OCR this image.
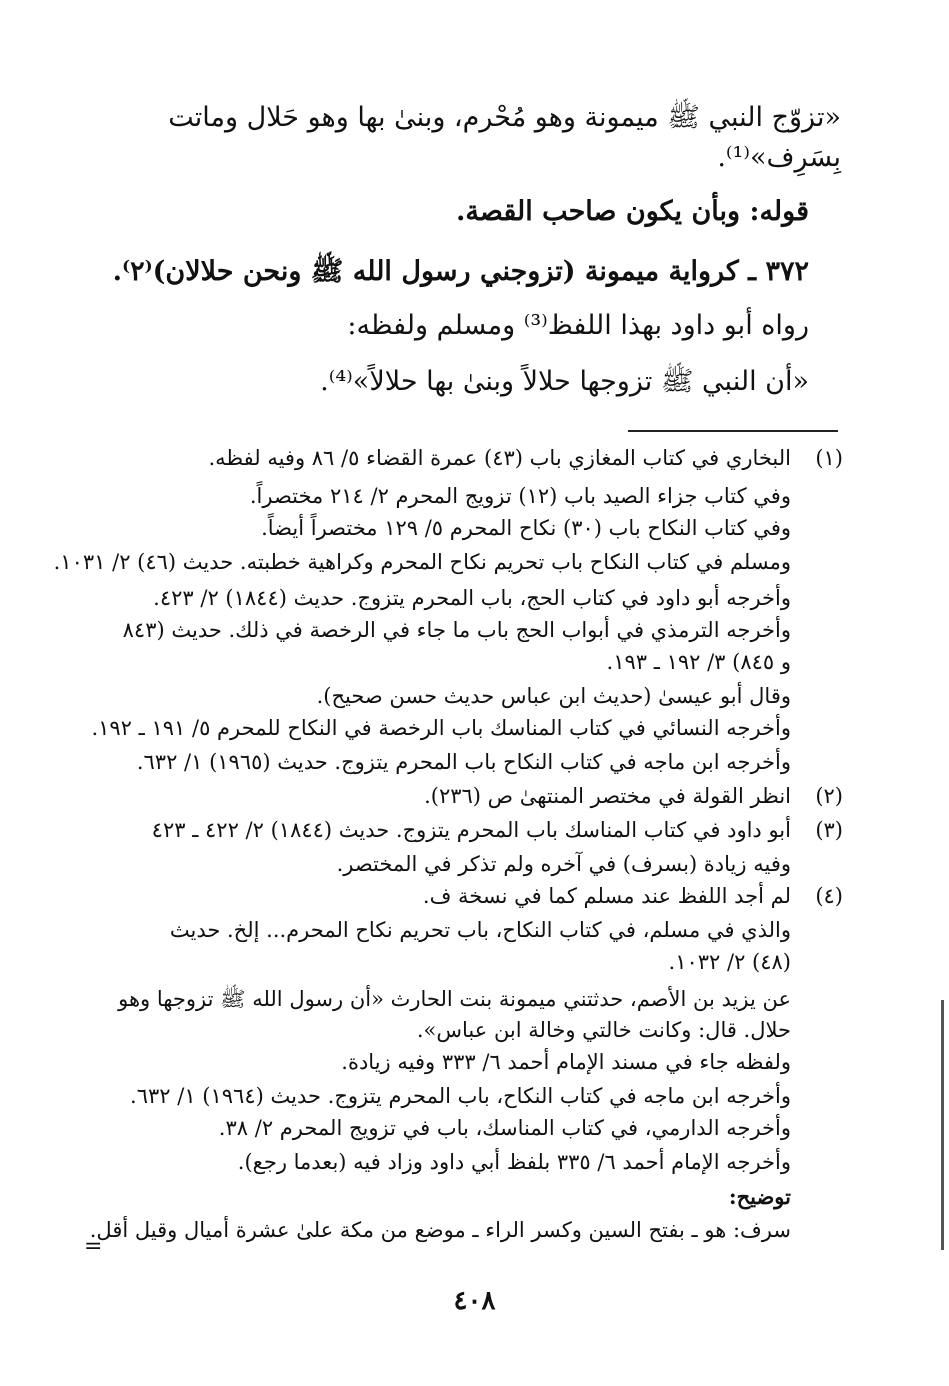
«تزوّج النبي ﷺ ميمونة وهو مُحْرم، وبنىٰ بها وهو حَلال وماتت

بِسَرِف»⁽¹⁾.

قوله: وبأن يكون صاحب القصة.

٣٧٢ ـ كرواية ميمونة (تزوجني رسول الله ﷺ ونحن حلالان)⁽٢⁾.

رواه أبو داود بهذا اللفظ⁽³⁾ ومسلم ولفظه:

«أن النبي ﷺ تزوجها حلالاً وبنىٰ بها حلالاً»⁽⁴⁾.

(١)

البخاري في كتاب المغازي باب (٤٣) عمرة القضاء ٥/ ٨٦ وفيه لفظه.

وفي كتاب جزاء الصيد باب (١٢) تزويج المحرم ٢/ ٢١٤ مختصراً.

وفي كتاب النكاح باب (٣٠) نكاح المحرم ٥/ ١٢٩ مختصراً أيضاً.

ومسلم في كتاب النكاح باب تحريم نكاح المحرم وكراهية خطبته. حديث (٤٦) ٢/ ١٠٣١.

وأخرجه أبو داود في كتاب الحج، باب المحرم يتزوج. حديث (١٨٤٤) ٢/ ٤٢٣.

وأخرجه الترمذي في أبواب الحج باب ما جاء في الرخصة في ذلك. حديث (٨٤٣

و ٨٤٥) ٣/ ١٩٢ ـ ١٩٣.

وقال أبو عيسىٰ (حديث ابن عباس حديث حسن صحيح).

وأخرجه النسائي في كتاب المناسك باب الرخصة في النكاح للمحرم ٥/ ١٩١ ـ ١٩٢.

وأخرجه ابن ماجه في كتاب النكاح باب المحرم يتزوج. حديث (١٩٦٥) ١/ ٦٣٢.

(٢)

انظر القولة في مختصر المنتهىٰ ص (٢٣٦).

(٣)

أبو داود في كتاب المناسك باب المحرم يتزوج. حديث (١٨٤٤) ٢/ ٤٢٢ ـ ٤٢٣

وفيه زيادة (بسرف) في آخره ولم تذكر في المختصر.

(٤)

لم أجد اللفظ عند مسلم كما في نسخة ف.

والذي في مسلم، في كتاب النكاح، باب تحريم نكاح المحرم... إلخ. حديث

(٤٨) ٢/ ١٠٣٢.

عن يزيد بن الأصم، حدثتني ميمونة بنت الحارث «أن رسول الله ﷺ تزوجها وهو

حلال. قال: وكانت خالتي وخالة ابن عباس».

ولفظه جاء في مسند الإمام أحمد ٦/ ٣٣٣ وفيه زيادة.

وأخرجه ابن ماجه في كتاب النكاح، باب المحرم يتزوج. حديث (١٩٦٤) ١/ ٦٣٢.

وأخرجه الدارمي، في كتاب المناسك، باب في تزويج المحرم ٢/ ٣٨.

وأخرجه الإمام أحمد ٦/ ٣٣٥ بلفظ أبي داود وزاد فيه (بعدما رجع).

توضيح:

سرف: هو ـ بفتح السين وكسر الراء ـ موضع من مكة علىٰ عشرة أميال وقيل أقل.

=
٤٠٨
